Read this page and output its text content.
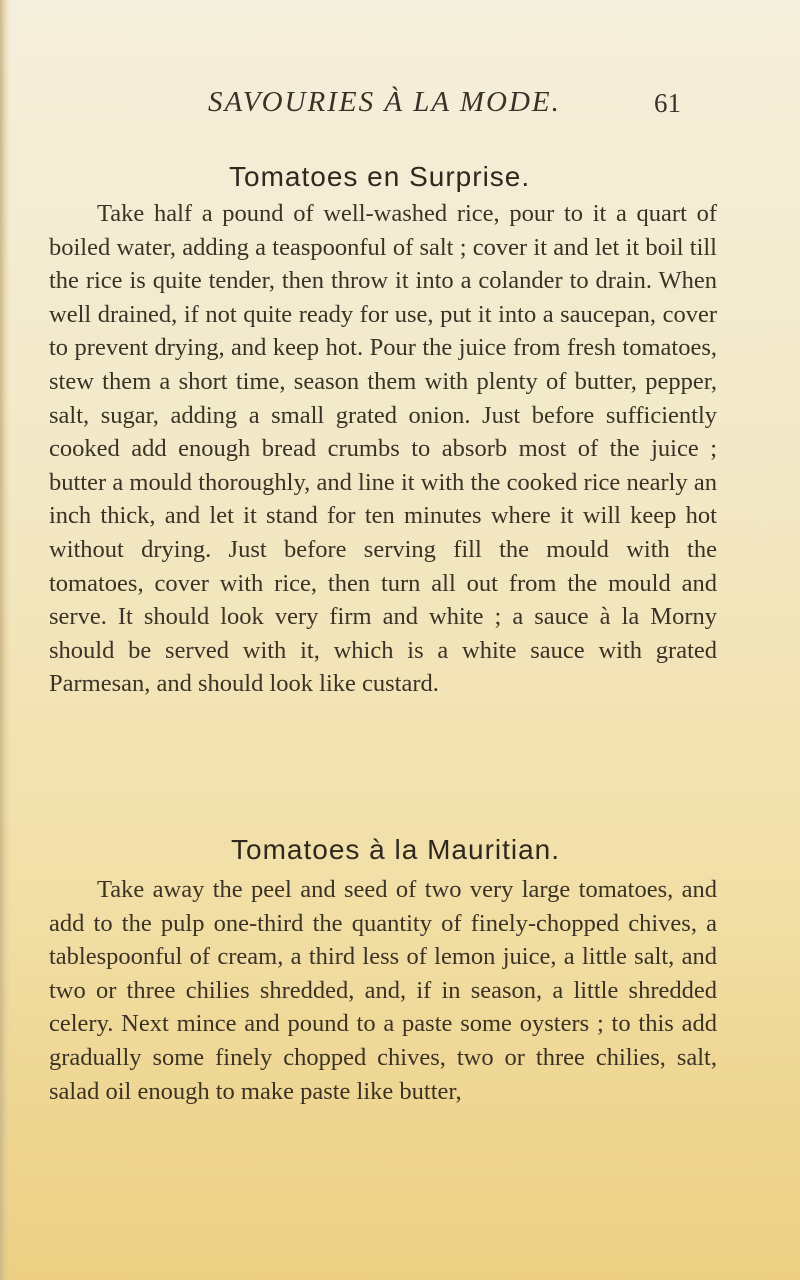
SAVOURIES À LA MODE.	61
Tomatoes en Surprise.

Take half a pound of well-washed rice, pour to it a quart of boiled water, adding a teaspoonful of salt ; cover it and let it boil till the rice is quite tender, then throw it into a colander to drain. When well drained, if not quite ready for use, put it into a saucepan, cover to prevent drying, and keep hot. Pour the juice from fresh tomatoes, stew them a short time, season them with plenty of butter, pepper, salt, sugar, adding a small grated onion. Just before sufficiently cooked add enough bread crumbs to absorb most of the juice ; butter a mould thoroughly, and line it with the cooked rice nearly an inch thick, and let it stand for ten minutes where it will keep hot without drying. Just before serving fill the mould with the tomatoes, cover with rice, then turn all out from the mould and serve. It should look very firm and white ; a sauce à la Morny should be served with it, which is a white sauce with grated Parmesan, and should look like custard.

Tomatoes à la Mauritian.

Take away the peel and seed of two very large tomatoes, and add to the pulp one-third the quantity of finely-chopped chives, a tablespoonful of cream, a third less of lemon juice, a little salt, and two or three chilies shredded, and, if in season, a little shredded celery. Next mince and pound to a paste some oysters ; to this add gradually some finely chopped chives, two or three chilies, salt, salad oil enough to make paste like butter,
